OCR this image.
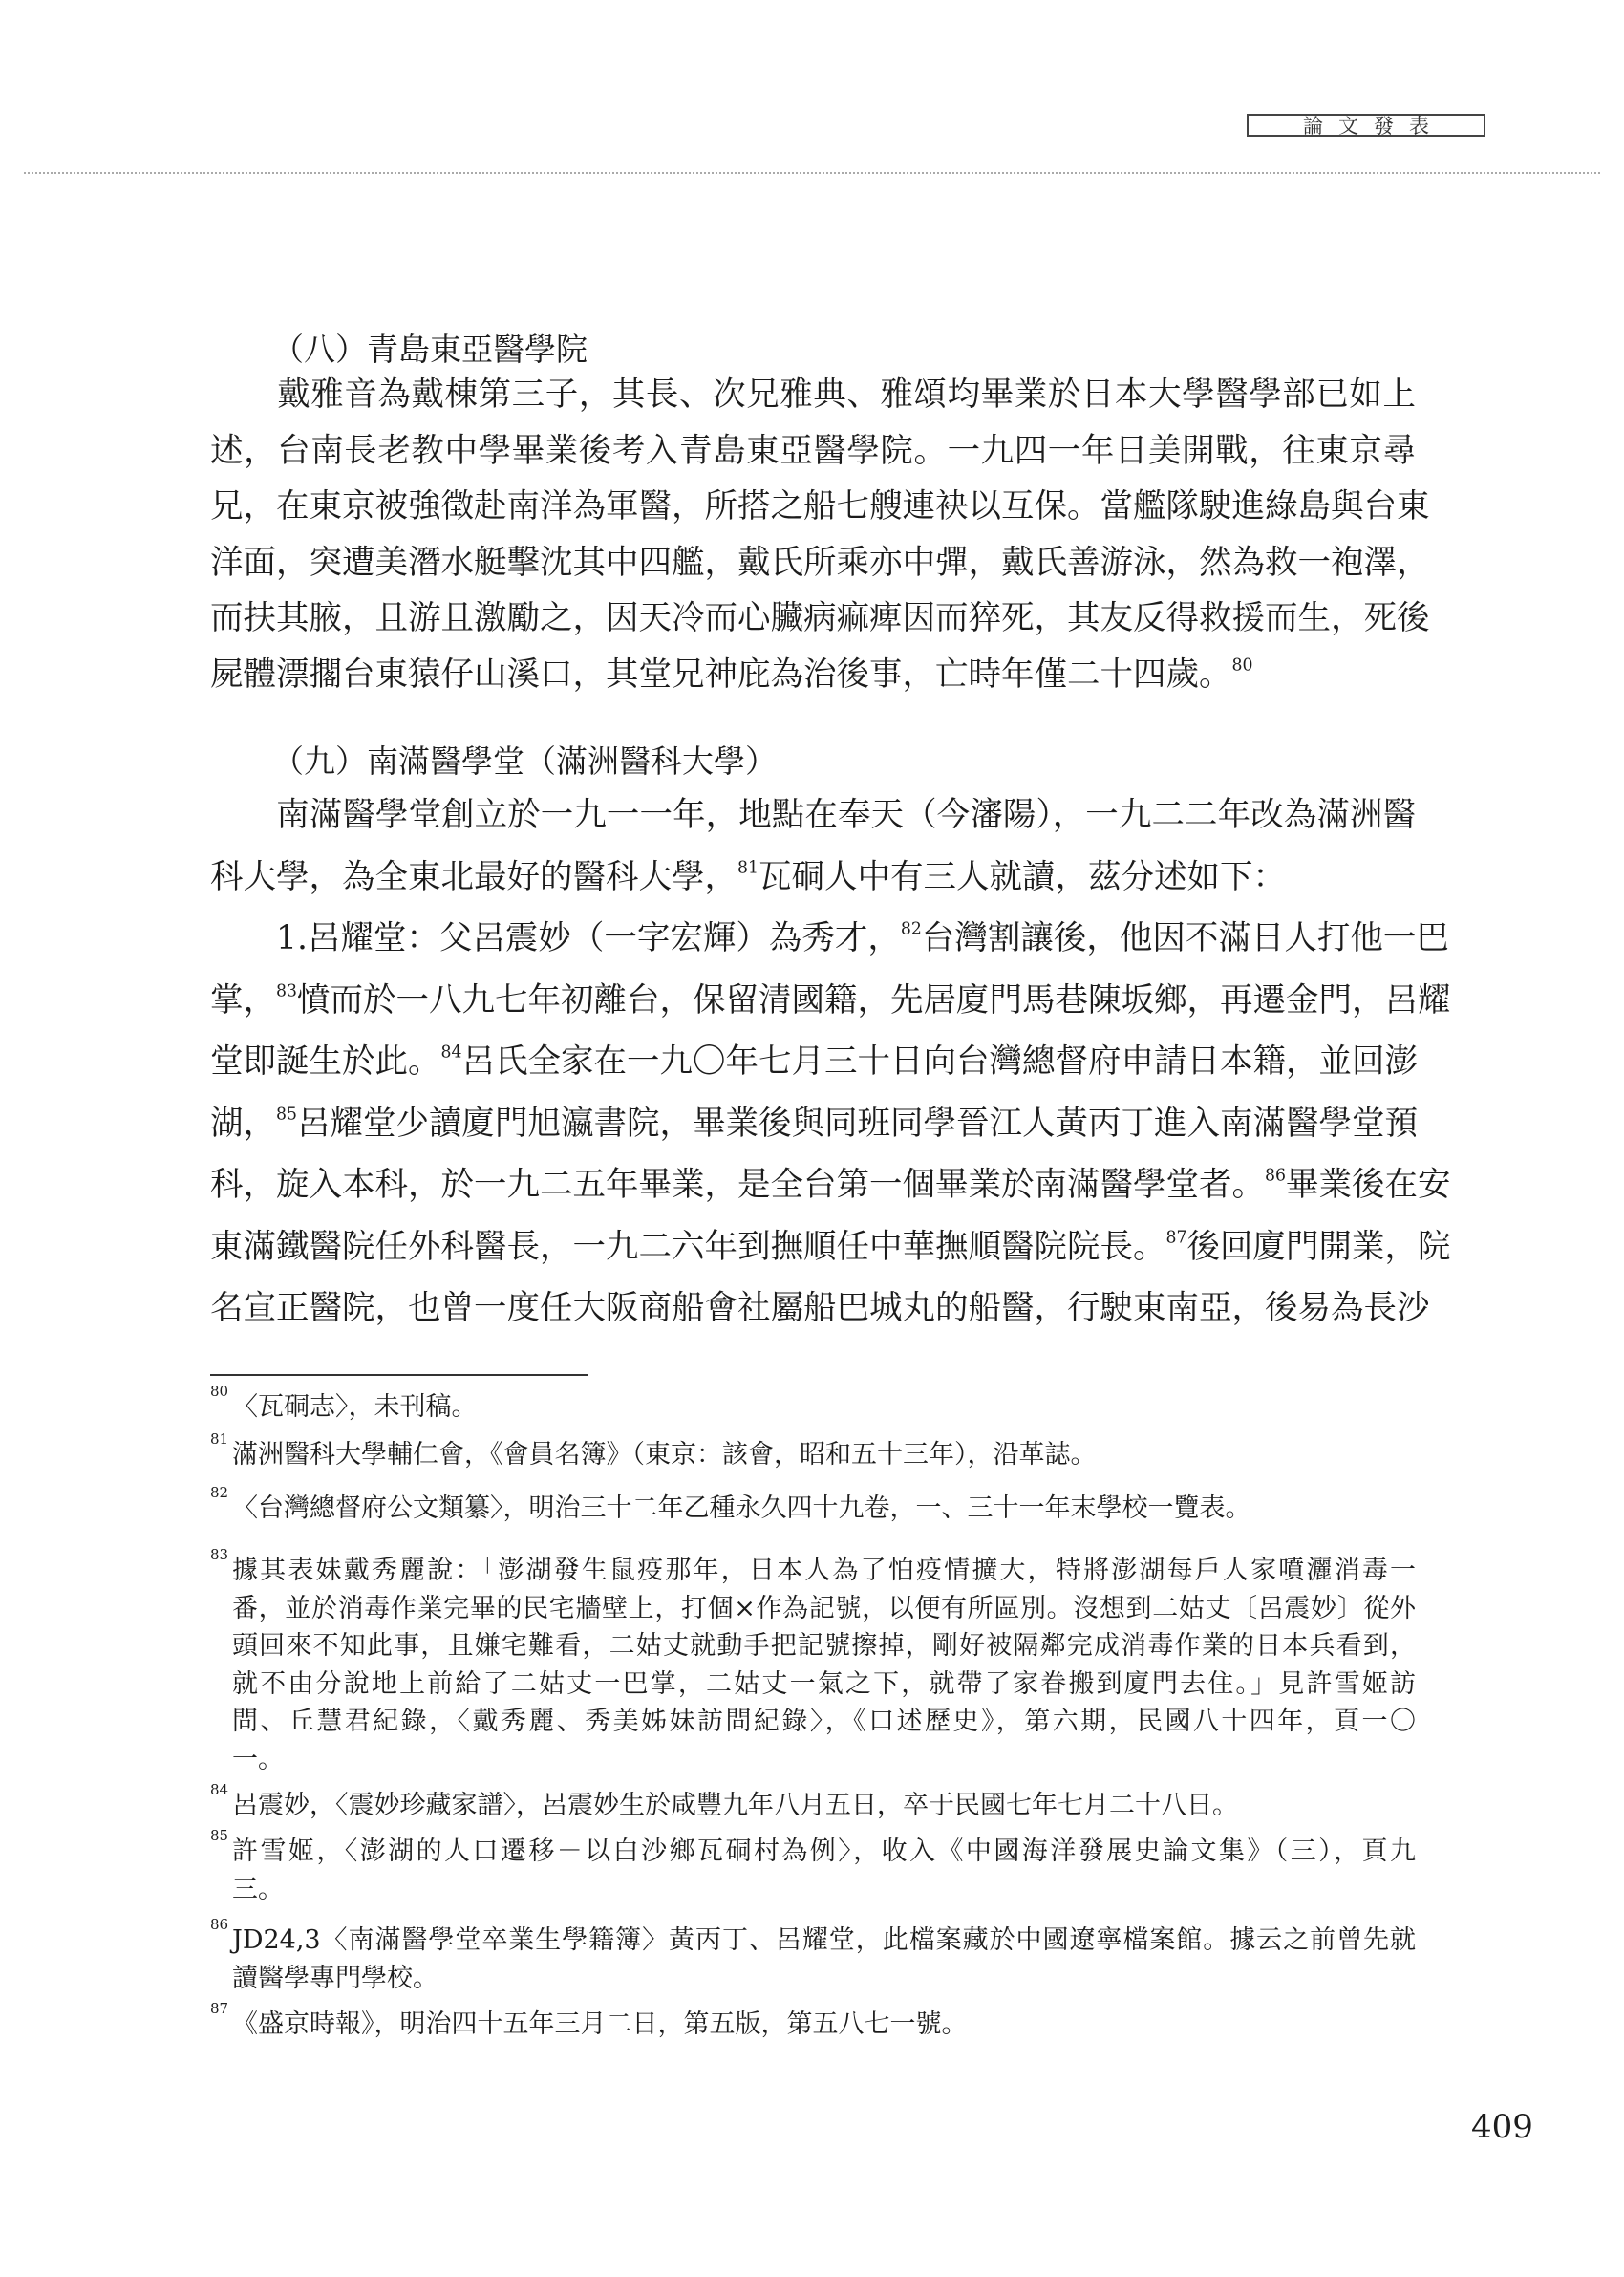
論文發表
（八）青島東亞醫學院
　　戴雅音為戴棟第三子，其長、次兄雅典、雅頌均畢業於日本大學醫學部已如上
述，台南長老教中學畢業後考入青島東亞醫學院。一九四一年日美開戰，往東京尋
兄，在東京被強徵赴南洋為軍醫，所搭之船七艘連袂以互保。當艦隊駛進綠島與台東
洋面，突遭美潛水艇擊沈其中四艦，戴氏所乘亦中彈，戴氏善游泳，然為救一袍澤，
而扶其腋，且游且激勵之，因天冷而心臟病痲痺因而猝死，其友反得救援而生，死後
屍體漂擱台東猿仔山溪口，其堂兄神庇為治後事，亡時年僅二十四歲。$^{80}$
（九）南滿醫學堂（滿洲醫科大學）
　　南滿醫學堂創立於一九一一年，地點在奉天（今瀋陽），一九二二年改為滿洲醫
科大學，為全東北最好的醫科大學，$^{81}$瓦硐人中有三人就讀，茲分述如下：
　　1.呂耀堂：父呂震妙（一字宏輝）為秀才，$^{82}$台灣割讓後，他因不滿日人打他一巴
掌，$^{83}$憤而於一八九七年初離台，保留清國籍，先居廈門馬巷陳坂鄉，再遷金門，呂耀
堂即誕生於此。$^{84}$呂氏全家在一九〇年七月三十日向台灣總督府申請日本籍，並回澎
湖，$^{85}$呂耀堂少讀廈門旭瀛書院，畢業後與同班同學晉江人黃丙丁進入南滿醫學堂預
科，旋入本科，於一九二五年畢業，是全台第一個畢業於南滿醫學堂者。$^{86}$畢業後在安
東滿鐵醫院任外科醫長，一九二六年到撫順任中華撫順醫院院長。$^{87}$後回廈門開業，院
名宣正醫院，也曾一度任大阪商船會社屬船巴城丸的船醫，行駛東南亞，後易為長沙
80
〈瓦硐志〉，未刊稿。
81
滿洲醫科大學輔仁會，《會員名簿》（東京：該會，昭和五十三年），沿革誌。
82
〈台灣總督府公文類纂〉，明治三十二年乙種永久四十九卷，一、三十一年末學校一覽表。
83
據其表妹戴秀麗說：「澎湖發生鼠疫那年，日本人為了怕疫情擴大，特將澎湖每戶人家噴灑消毒一
番，並於消毒作業完畢的民宅牆壁上，打個×作為記號，以便有所區別。沒想到二姑丈〔呂震妙〕從外
頭回來不知此事，且嫌宅難看，二姑丈就動手把記號擦掉，剛好被隔鄰完成消毒作業的日本兵看到，
就不由分說地上前給了二姑丈一巴掌，二姑丈一氣之下，就帶了家眷搬到廈門去住。」見許雪姬訪
問、丘慧君紀錄，〈戴秀麗、秀美姊妹訪問紀錄〉，《口述歷史》，第六期，民國八十四年，頁一〇
一。
84
呂震妙，〈震妙珍藏家譜〉，呂震妙生於咸豐九年八月五日，卒于民國七年七月二十八日。
85
許雪姬，〈澎湖的人口遷移－以白沙鄉瓦硐村為例〉，收入《中國海洋發展史論文集》（三），頁九
三。
86
JD24,3〈南滿醫學堂卒業生學籍簿〉黃丙丁、呂耀堂，此檔案藏於中國遼寧檔案館。據云之前曾先就
讀醫學專門學校。
87
《盛京時報》，明治四十五年三月二日，第五版，第五八七一號。
409
